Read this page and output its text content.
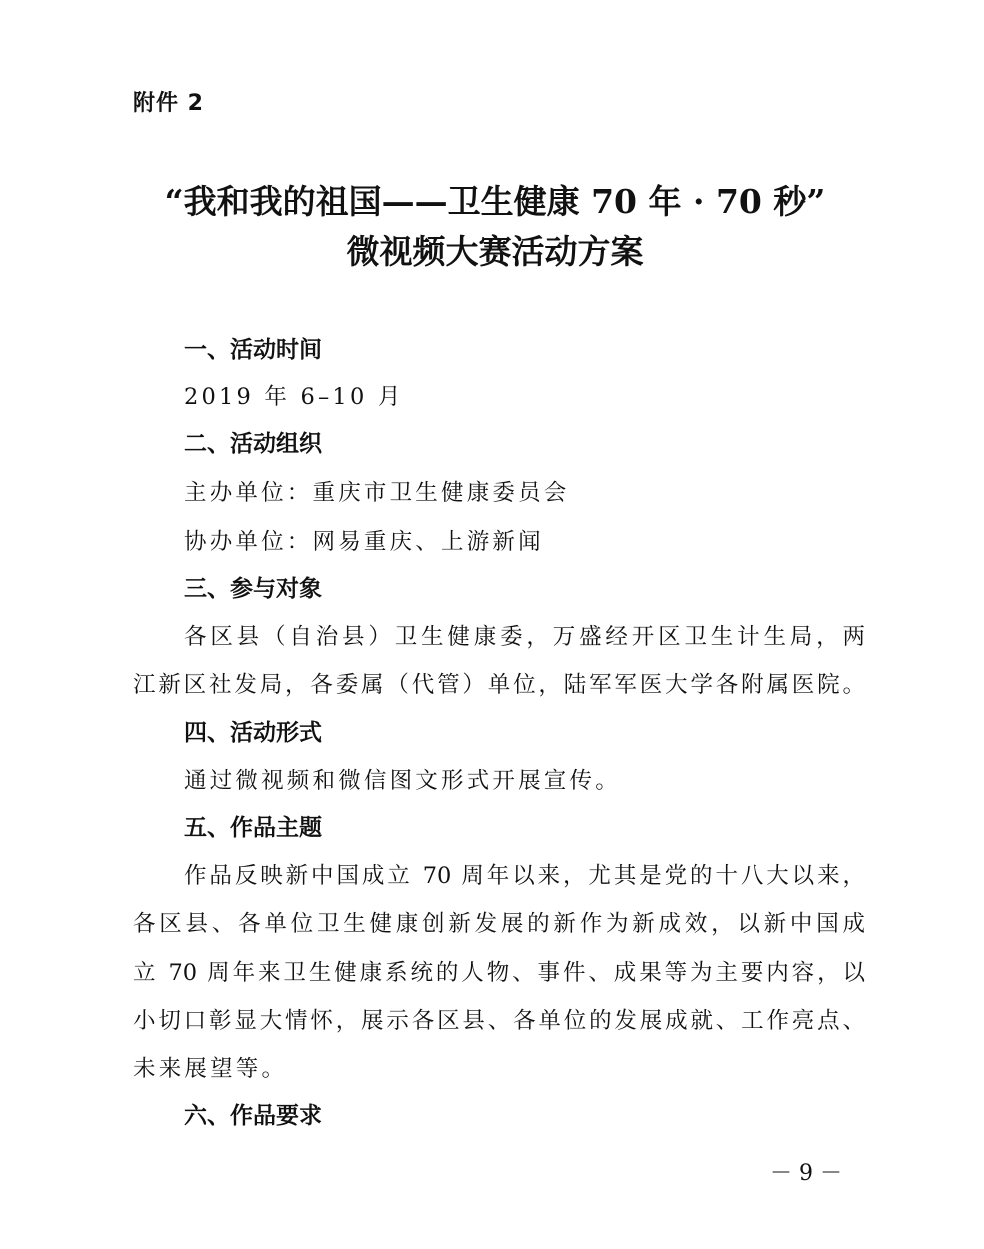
附件 2
“我和我的祖国——卫生健康 70 年 · 70 秒”
微视频大赛活动方案
一、活动时间
2019 年 6–10 月
二、活动组织
主办单位：重庆市卫生健康委员会
协办单位：网易重庆、上游新闻
三、参与对象
各区县（自治县）卫生健康委，万盛经开区卫生计生局，两
江新区社发局，各委属（代管）单位，陆军军医大学各附属医院。
四、活动形式
通过微视频和微信图文形式开展宣传。
五、作品主题
作品反映新中国成立 70 周年以来，尤其是党的十八大以来，
各区县、各单位卫生健康创新发展的新作为新成效，以新中国成
立 70 周年来卫生健康系统的人物、事件、成果等为主要内容，以
小切口彰显大情怀，展示各区县、各单位的发展成就、工作亮点、
未来展望等。
六、作品要求
－ 9 －
